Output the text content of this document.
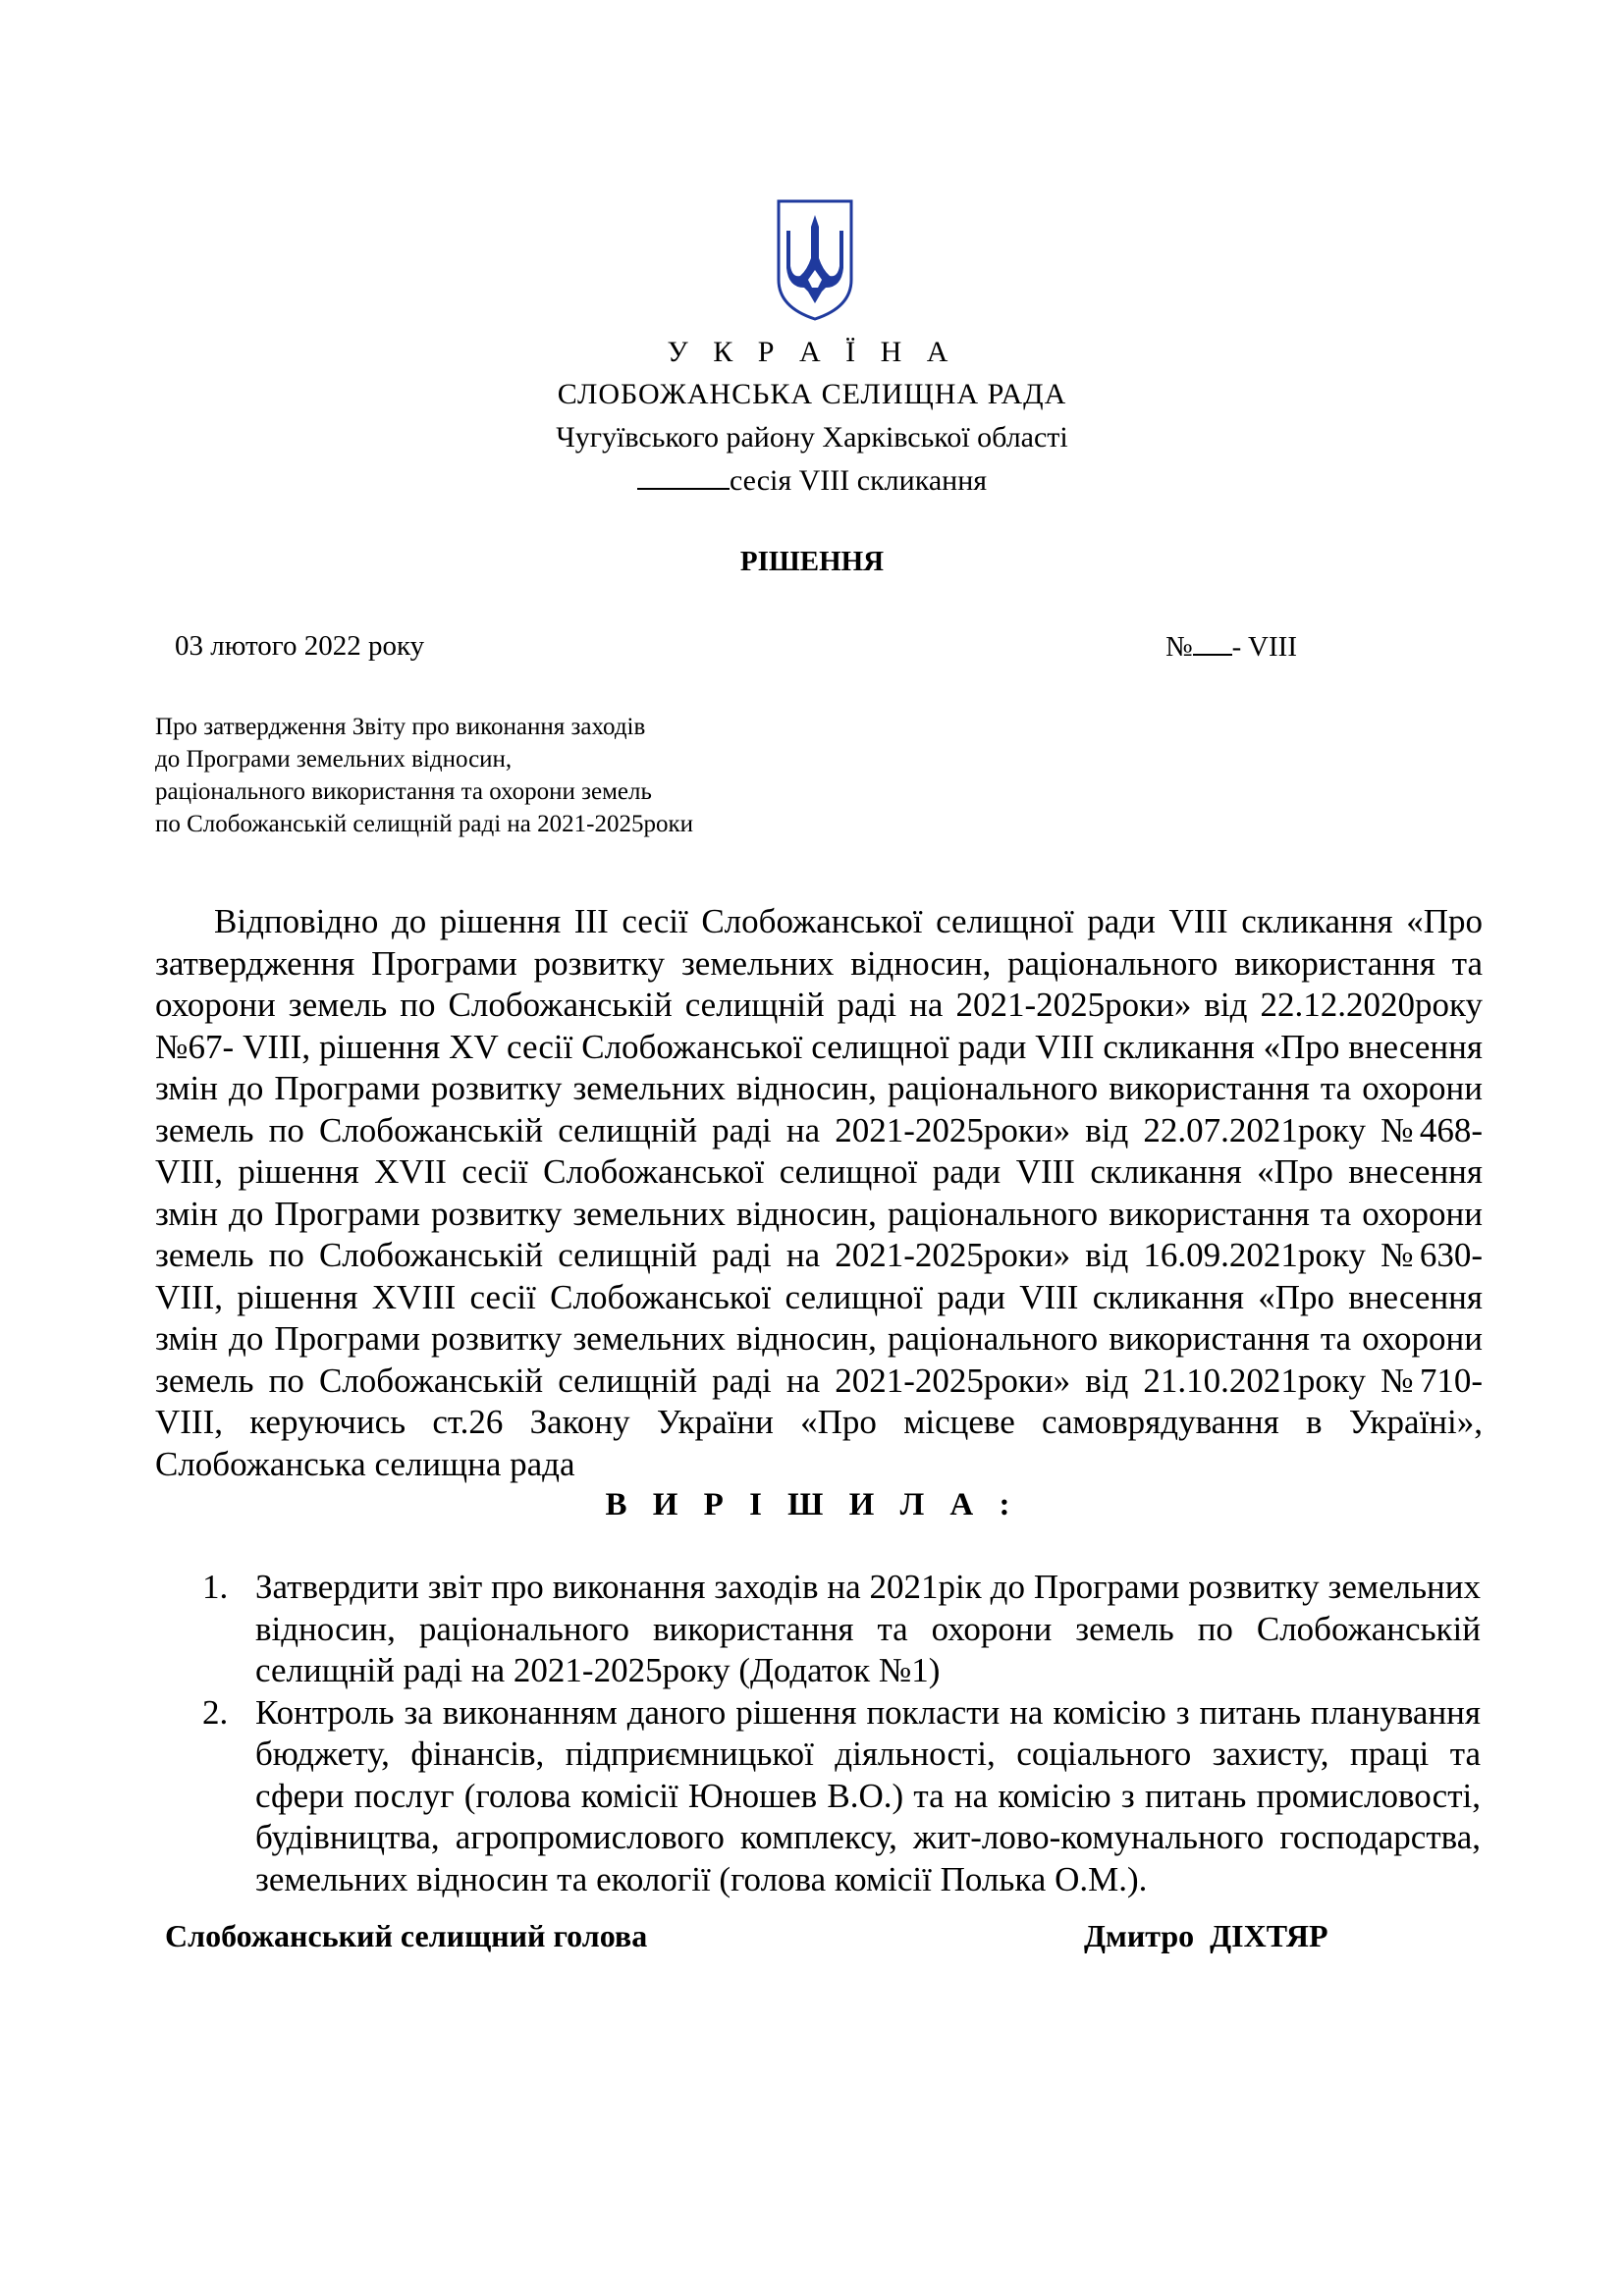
У К Р А Ї Н А
СЛОБОЖАНСЬКА СЕЛИЩНА РАДА
Чугуївського району Харківської області
сесія VIII скликання
РІШЕННЯ
03 лютого 2022 року	№ - VIII
Про затвердження Звіту про виконання заходів
до Програми земельних відносин,
раціонального використання та охорони земель
по Слобожанській селищній раді на 2021-2025роки

Відповідно до рішення ІІІ сесії Слобожанської селищної ради VIII скликання «Про затвердження Програми розвитку земельних відносин, раціонального використання та охорони земель по Слобожанській селищній раді на 2021-2025роки» від 22.12.2020року №67- VIII, рішення XV сесії Слобожанської селищної ради VIII скликання «Про внесення змін до Програми розвитку земельних відносин, раціонального використання та охорони земель по Слобожанській селищній раді на 2021-2025роки» від 22.07.2021року №468- VIII, рішення XVII сесії Слобожанської селищної ради VIII скликання «Про внесення змін до Програми розвитку земельних відносин, раціонального використання та охорони земель по Слобожанській селищній раді на 2021-2025роки» від 16.09.2021року №630- VIII, рішення XVIII сесії Слобожанської селищної ради VIII скликання «Про внесення змін до Програми розвитку земельних відносин, раціонального використання та охорони земель по Слобожанській селищній раді на 2021-2025роки» від 21.10.2021року №710- VIII, керуючись ст.26 Закону України «Про місцеве самоврядування в Україні», Слобожанська селищна рада

В И Р І Ш И Л А :
1. Затвердити звіт про виконання заходів на 2021рік до Програми розвитку земельних відносин, раціонального використання та охорони земель по Слобожанській селищній раді на 2021-2025року (Додаток №1)
2. Контроль за виконанням даного рішення покласти на комісію з питань планування бюджету, фінансів, підприємницької діяльності, соціального захисту, праці та сфери послуг (голова комісії Юношев В.О.) та на комісію з питань промисловості, будівництва, агропромислового комплексу, жит-лово-комунального господарства, земельних відносин та екології (голова комісії Полька О.М.).
Слобожанський селищний голова	Дмитро  ДІХТЯР
